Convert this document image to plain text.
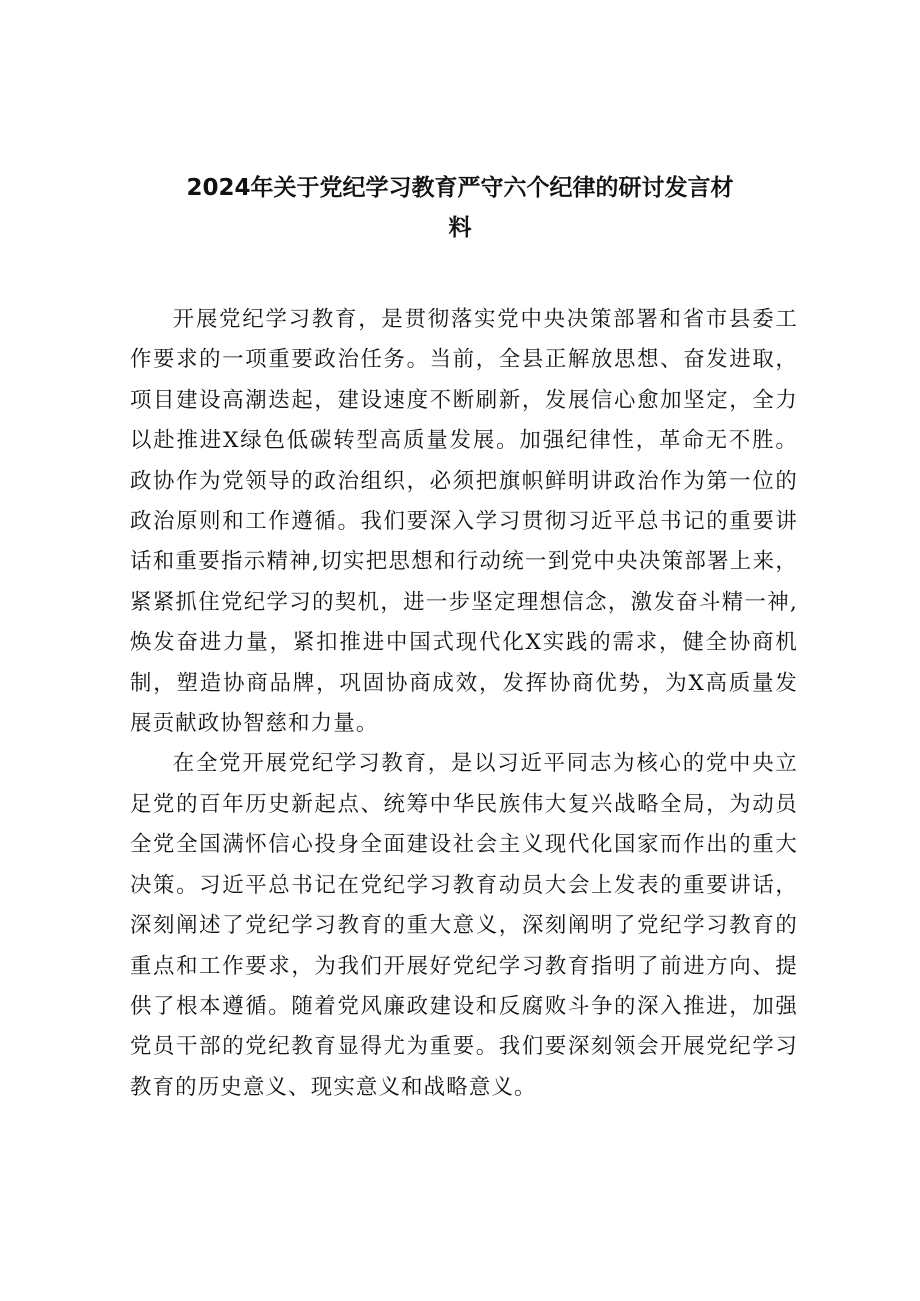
2024年关于党纪学习教育严守六个纪律的研讨发言材
料

开展党纪学习教育，是贯彻落实党中央决策部署和省市县委工作要求的一项重要政治任务。当前，全县正解放思想、奋发进取，项目建设高潮迭起，建设速度不断刷新，发展信心愈加坚定，全力以赴推进X绿色低碳转型高质量发展。加强纪律性，革命无不胜。政协作为党领导的政治组织，必须把旗帜鲜明讲政治作为第一位的政治原则和工作遵循。我们要深入学习贯彻习近平总书记的重要讲话和重要指示精神,切实把思想和行动统一到党中央决策部署上来，紧紧抓住党纪学习的契机，进一步坚定理想信念，激发奋斗精一神,焕发奋进力量，紧扣推进中国式现代化X实践的需求，健全协商机制，塑造协商品牌，巩固协商成效，发挥协商优势，为X高质量发展贡献政协智慈和力量。

在全党开展党纪学习教育，是以习近平同志为核心的党中央立足党的百年历史新起点、统筹中华民族伟大复兴战略全局，为动员全党全国满怀信心投身全面建设社会主义现代化国家而作出的重大决策。习近平总书记在党纪学习教育动员大会上发表的重要讲话，深刻阐述了党纪学习教育的重大意义，深刻阐明了党纪学习教育的重点和工作要求，为我们开展好党纪学习教育指明了前进方向、提供了根本遵循。随着党风廉政建设和反腐败斗争的深入推进，加强党员干部的党纪教育显得尤为重要。我们要深刻领会开展党纪学习教育的历史意义、现实意义和战略意义。
